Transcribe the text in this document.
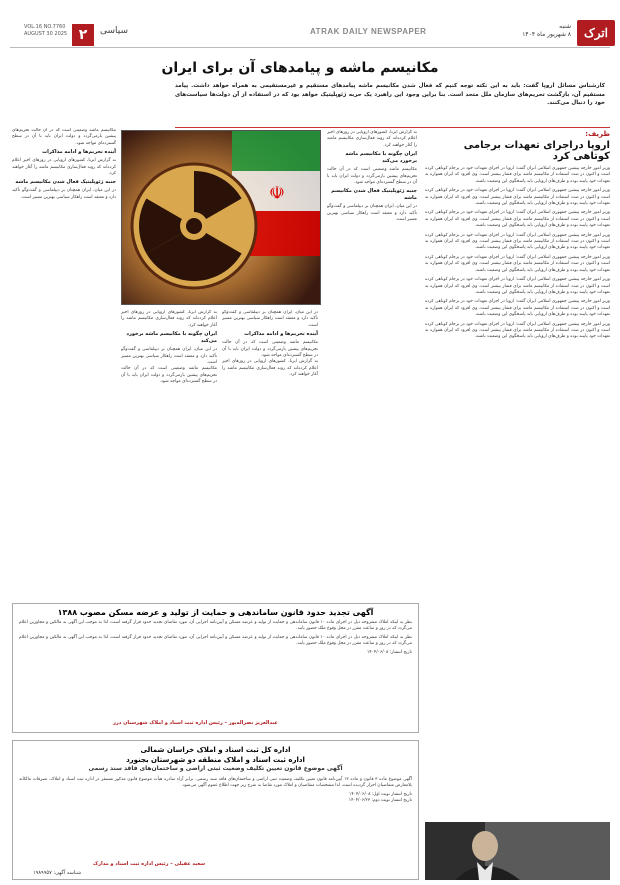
VOL.16 NO.7760
AUGUST 30 2025 ۲	سیاسی	ATRAK DAILY NEWSPAPER	اترک
شنبه
۸ شهریور ماه ۱۴۰۴
مکانیسم ماشه و پیامدهای آن برای ایران
کارشناس مسائل اروپا گفت: باید به این نکته توجه کنیم که فعال شدن مکانیسم ماشه پیامدهای مستقیم و غیرمستقیمی به همراه خواهد داشت. پیامد مستقیم آن، بازگشت تحریم‌های سازمان ملل متحد است. بنا براین وجود این راهبرد یک حربه ژئوپلیتیک خواهد بود که در استفاده از آن دولت‌ها سیاست‌های خود را دنبال می‌کنند.
مکانیسم ماشه وضعیتی است که در آن حالت تحریم‌های پیشین بازمی‌گردد و دولت ایران باید با آن در سطح گسترده‌ای مواجه شود.
آینده تحریم‌ها و ادامه مذاکرات
به گزارش ایرنا، کشورهای اروپایی در روزهای اخیر اعلام کرده‌اند که روند فعال‌سازی مکانیسم ماشه را آغاز خواهند کرد.
جنبه ژئوپلیتیک فعال شدن مکانیسم ماشه
در این میان، ایران همچنان بر دیپلماسی و گفت‌وگو تأکید دارد و معتقد است راهکار سیاسی بهترین مسیر است.	☫
به گزارش ایرنا، کشورهای اروپایی در روزهای اخیر اعلام کرده‌اند که روند فعال‌سازی مکانیسم ماشه را آغاز خواهند کرد.
ایران چگونه با مکانیسم ماشه برخورد می‌کند
در این میان، ایران همچنان بر دیپلماسی و گفت‌وگو تأکید دارد و معتقد است راهکار سیاسی بهترین مسیر است.
مکانیسم ماشه وضعیتی است که در آن حالت تحریم‌های پیشین بازمی‌گردد و دولت ایران باید با آن در سطح گسترده‌ای مواجه شود.
در این میان، ایران همچنان بر دیپلماسی و گفت‌وگو تأکید دارد و معتقد است راهکار سیاسی بهترین مسیر است.
آینده تحریم‌ها و ادامه مذاکرات
مکانیسم ماشه وضعیتی است که در آن حالت تحریم‌های پیشین بازمی‌گردد و دولت ایران باید با آن در سطح گسترده‌ای مواجه شود.
به گزارش ایرنا، کشورهای اروپایی در روزهای اخیر اعلام کرده‌اند که روند فعال‌سازی مکانیسم ماشه را آغاز خواهند کرد.
به گزارش ایرنا، کشورهای اروپایی در روزهای اخیر اعلام کرده‌اند که روند فعال‌سازی مکانیسم ماشه را آغاز خواهند کرد.
ایران چگونه با مکانیسم ماشه برخورد می‌کند
مکانیسم ماشه وضعیتی است که در آن حالت تحریم‌های پیشین بازمی‌گردد و دولت ایران باید با آن در سطح گسترده‌ای مواجه شود.
جنبه ژئوپلیتیک فعال شدن مکانیسم ماشه
در این میان، ایران همچنان بر دیپلماسی و گفت‌وگو تأکید دارد و معتقد است راهکار سیاسی بهترین مسیر است.
ظریف:
اروپا دراجرای تعهدات برجامی کوتاهی کرد
وزیر امور خارجه پیشین جمهوری اسلامی ایران گفت: اروپا در اجرای تعهدات خود در برجام کوتاهی کرده است و اکنون در صدد استفاده از مکانیسم ماشه برای فشار بیشتر است. وی افزود که ایران همواره به تعهدات خود پایبند بوده و طرف‌های اروپایی باید پاسخگوی این وضعیت باشند.
وزیر امور خارجه پیشین جمهوری اسلامی ایران گفت: اروپا در اجرای تعهدات خود در برجام کوتاهی کرده است و اکنون در صدد استفاده از مکانیسم ماشه برای فشار بیشتر است. وی افزود که ایران همواره به تعهدات خود پایبند بوده و طرف‌های اروپایی باید پاسخگوی این وضعیت باشند.
وزیر امور خارجه پیشین جمهوری اسلامی ایران گفت: اروپا در اجرای تعهدات خود در برجام کوتاهی کرده است و اکنون در صدد استفاده از مکانیسم ماشه برای فشار بیشتر است. وی افزود که ایران همواره به تعهدات خود پایبند بوده و طرف‌های اروپایی باید پاسخگوی این وضعیت باشند.
وزیر امور خارجه پیشین جمهوری اسلامی ایران گفت: اروپا در اجرای تعهدات خود در برجام کوتاهی کرده است و اکنون در صدد استفاده از مکانیسم ماشه برای فشار بیشتر است. وی افزود که ایران همواره به تعهدات خود پایبند بوده و طرف‌های اروپایی باید پاسخگوی این وضعیت باشند.
وزیر امور خارجه پیشین جمهوری اسلامی ایران گفت: اروپا در اجرای تعهدات خود در برجام کوتاهی کرده است و اکنون در صدد استفاده از مکانیسم ماشه برای فشار بیشتر است. وی افزود که ایران همواره به تعهدات خود پایبند بوده و طرف‌های اروپایی باید پاسخگوی این وضعیت باشند.
وزیر امور خارجه پیشین جمهوری اسلامی ایران گفت: اروپا در اجرای تعهدات خود در برجام کوتاهی کرده است و اکنون در صدد استفاده از مکانیسم ماشه برای فشار بیشتر است. وی افزود که ایران همواره به تعهدات خود پایبند بوده و طرف‌های اروپایی باید پاسخگوی این وضعیت باشند.
وزیر امور خارجه پیشین جمهوری اسلامی ایران گفت: اروپا در اجرای تعهدات خود در برجام کوتاهی کرده است و اکنون در صدد استفاده از مکانیسم ماشه برای فشار بیشتر است. وی افزود که ایران همواره به تعهدات خود پایبند بوده و طرف‌های اروپایی باید پاسخگوی این وضعیت باشند.
وزیر امور خارجه پیشین جمهوری اسلامی ایران گفت: اروپا در اجرای تعهدات خود در برجام کوتاهی کرده است و اکنون در صدد استفاده از مکانیسم ماشه برای فشار بیشتر است. وی افزود که ایران همواره به تعهدات خود پایبند بوده و طرف‌های اروپایی باید پاسخگوی این وضعیت باشند.
آگهی تجدید حدود قانون ساماندهی و حمایت از تولید و عرضه مسکن مصوب ۱۳۸۸
نظر به اینکه املاک مشروحه ذیل در اجرای ماده ۱۰ قانون ساماندهی و حمایت از تولید و عرضه مسکن و آیین‌نامه اجرایی آن، مورد تقاضای تجدید حدود قرار گرفته است، لذا به موجب این آگهی به مالکین و مجاورین اعلام می‌گردد که در روز و ساعت مقرر در محل وقوع ملک حضور یابند.
نظر به اینکه املاک مشروحه ذیل در اجرای ماده ۱۰ قانون ساماندهی و حمایت از تولید و عرضه مسکن و آیین‌نامه اجرایی آن، مورد تقاضای تجدید حدود قرار گرفته است، لذا به موجب این آگهی به مالکین و مجاورین اعلام می‌گردد که در روز و ساعت مقرر در محل وقوع ملک حضور یابند.
تاریخ انتشار: ۱۴۰۴/۰۶/۰۸
عبدالعزیز نصراله‌پور – رئیس اداره ثبت اسناد و املاک شهرستان درز
اداره کل ثبت اسناد و املاک خراسان شمالی
اداره ثبت اسناد و املاک منطقه دو شهرستان بجنورد
آگهی موضوع قانون تعیین تکلیف وضعیت ثبتی اراضی و ساختمان‌های فاقد سند رسمی
آگهی موضوع ماده ۳ قانون و ماده ۱۳ آیین‌نامه قانون تعیین تکلیف وضعیت ثبتی اراضی و ساختمان‌های فاقد سند رسمی. برابر آراء صادره هیأت موضوع قانون مذکور مستقر در اداره ثبت اسناد و املاک، تصرفات مالکانه بلامعارض متقاضیان احراز گردیده است، لذا مشخصات متقاضیان و املاک مورد تقاضا به شرح زیر جهت اطلاع عموم آگهی می‌شود.
تاریخ انتشار نوبت اول: ۱۴۰۴/۰۶/۰۸
تاریخ انتشار نوبت دوم: ۱۴۰۴/۰۶/۲۳
سعید عقیلی – رئیس اداره ثبت اسناد و مدارک
شناسه آگهی: ۱۹۸۹۹۵۷
